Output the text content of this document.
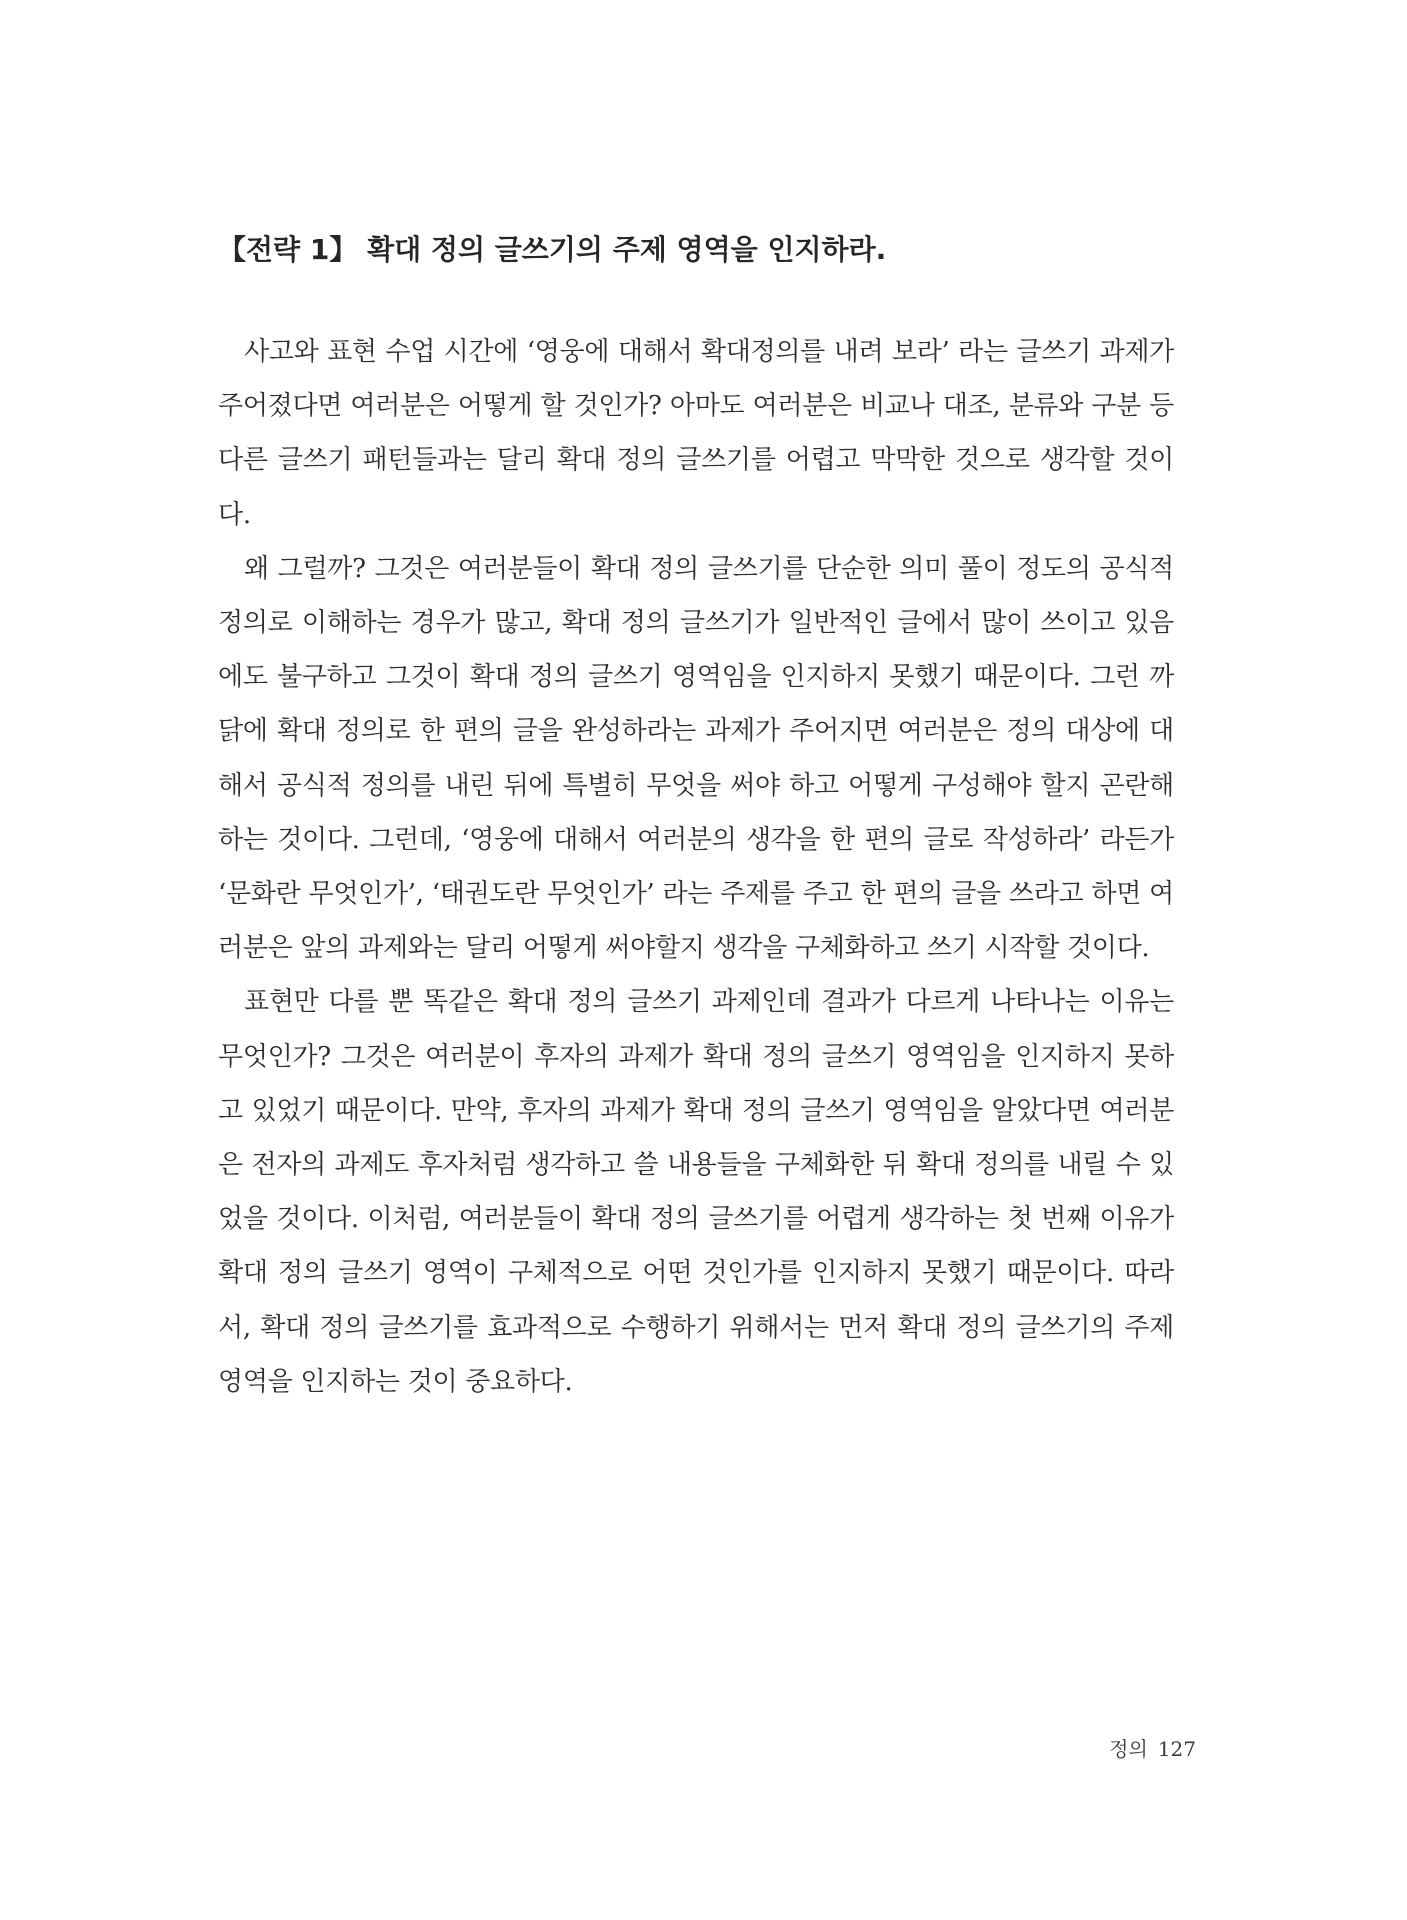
【전략 1】 확대 정의 글쓰기의 주제 영역을 인지하라.

사고와 표현 수업 시간에 ‘영웅에 대해서 확대정의를 내려 보라’ 라는 글쓰기 과제가 주어졌다면 여러분은 어떻게 할 것인가? 아마도 여러분은 비교나 대조, 분류와 구분 등 다른 글쓰기 패턴들과는 달리 확대 정의 글쓰기를 어렵고 막막한 것으로 생각할 것이다.

왜 그럴까? 그것은 여러분들이 확대 정의 글쓰기를 단순한 의미 풀이 정도의 공식적 정의로 이해하는 경우가 많고, 확대 정의 글쓰기가 일반적인 글에서 많이 쓰이고 있음에도 불구하고 그것이 확대 정의 글쓰기 영역임을 인지하지 못했기 때문이다. 그런 까닭에 확대 정의로 한 편의 글을 완성하라는 과제가 주어지면 여러분은 정의 대상에 대해서 공식적 정의를 내린 뒤에 특별히 무엇을 써야 하고 어떻게 구성해야 할지 곤란해 하는 것이다. 그런데, ‘영웅에 대해서 여러분의 생각을 한 편의 글로 작성하라’ 라든가 ‘문화란 무엇인가’, ‘태권도란 무엇인가’ 라는 주제를 주고 한 편의 글을 쓰라고 하면 여러분은 앞의 과제와는 달리 어떻게 써야할지 생각을 구체화하고 쓰기 시작할 것이다.

표현만 다를 뿐 똑같은 확대 정의 글쓰기 과제인데 결과가 다르게 나타나는 이유는 무엇인가? 그것은 여러분이 후자의 과제가 확대 정의 글쓰기 영역임을 인지하지 못하고 있었기 때문이다. 만약, 후자의 과제가 확대 정의 글쓰기 영역임을 알았다면 여러분은 전자의 과제도 후자처럼 생각하고 쓸 내용들을 구체화한 뒤 확대 정의를 내릴 수 있었을 것이다. 이처럼, 여러분들이 확대 정의 글쓰기를 어렵게 생각하는 첫 번째 이유가 확대 정의 글쓰기 영역이 구체적으로 어떤 것인가를 인지하지 못했기 때문이다. 따라서, 확대 정의 글쓰기를 효과적으로 수행하기 위해서는 먼저 확대 정의 글쓰기의 주제 영역을 인지하는 것이 중요하다.

정의 127
